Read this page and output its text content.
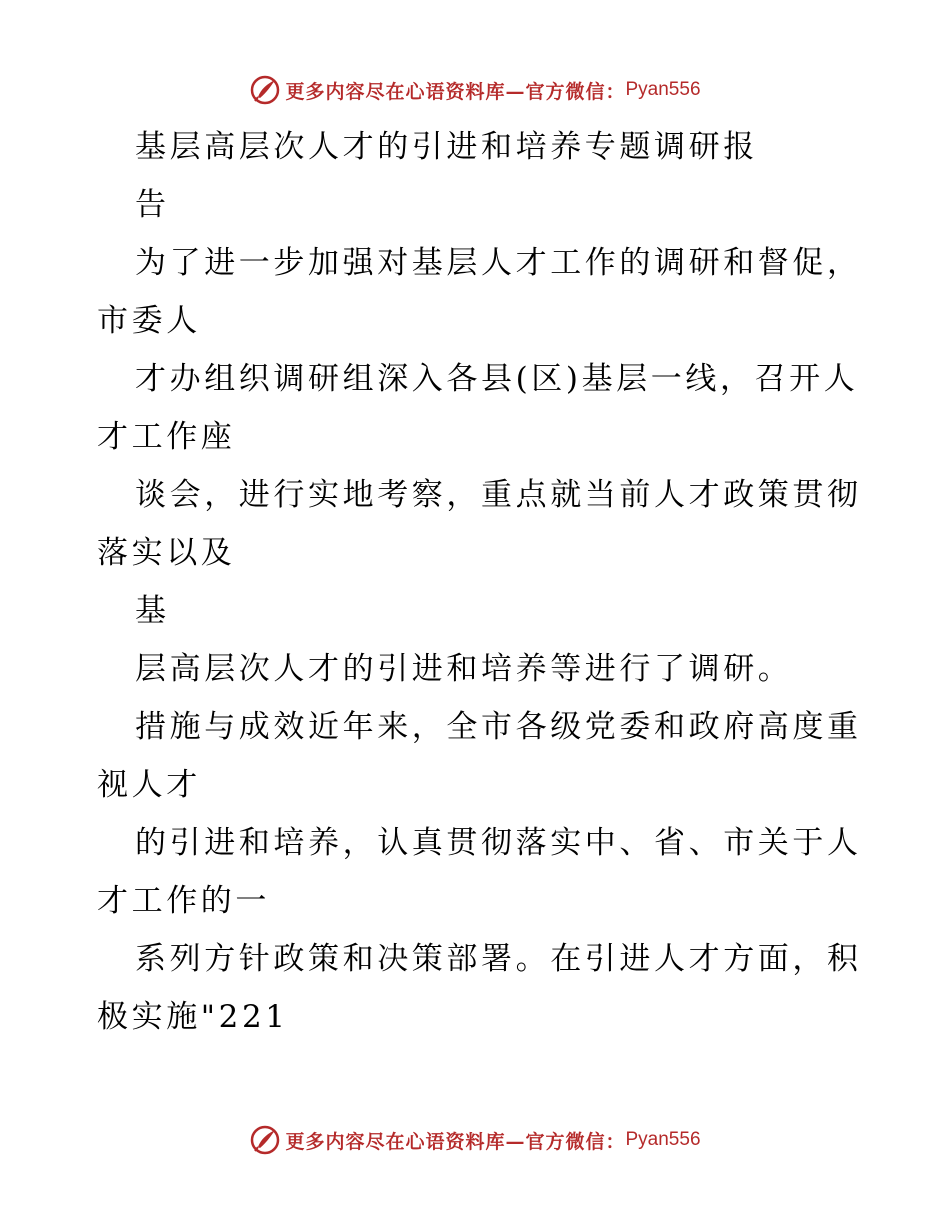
更多内容尽在心语资料库— 官方微信： Pyan556
基层高层次人才的引进和培养专题调研报
告
为了进一步加强对基层人才工作的调研和督促，
市委人
才办组织调研组深入各县(区)基层一线，召开人
才工作座
谈会，进行实地考察，重点就当前人才政策贯彻
落实以及
基
层高层次人才的引进和培养等进行了调研。
措施与成效近年来，全市各级党委和政府高度重
视人才
的引进和培养，认真贯彻落实中、省、市关于人
才工作的一
系列方针政策和决策部署。在引进人才方面，积
极实施"221
更多内容尽在心语资料库— 官方微信： Pyan556
